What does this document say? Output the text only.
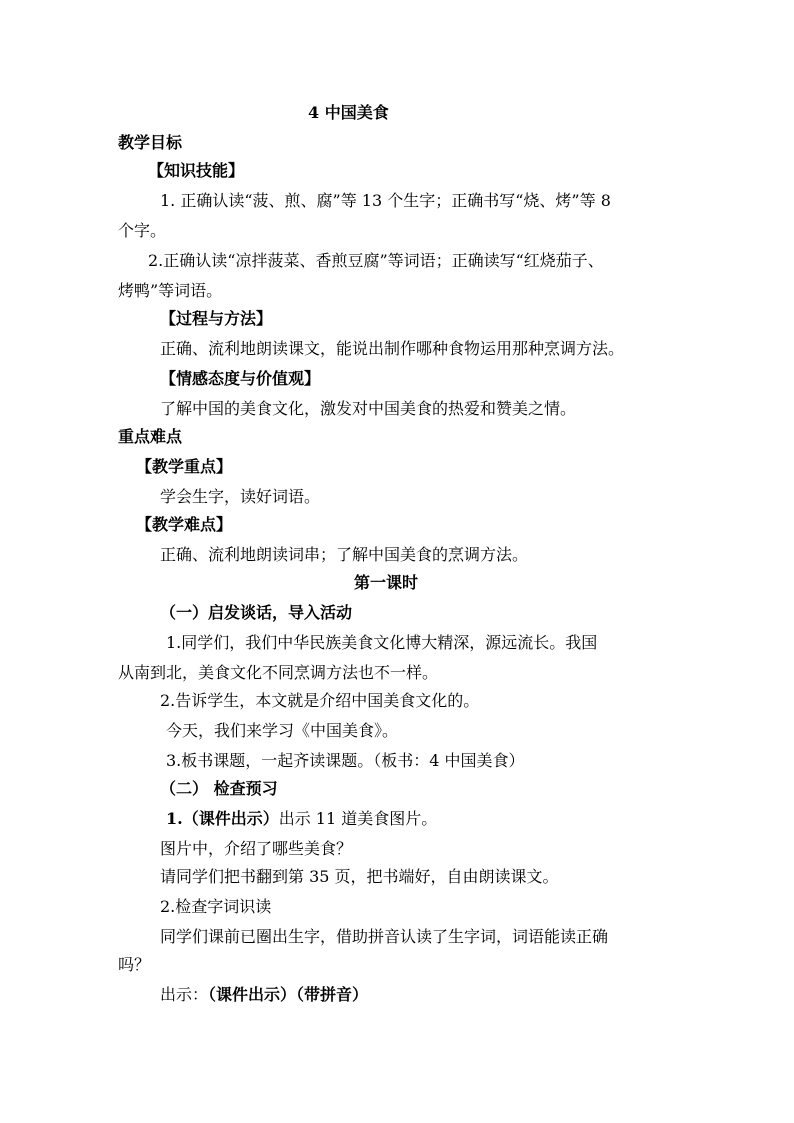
4 中国美食
教学目标
【知识技能】
1. 正确认读“菠、煎、腐”等 13 个生字；正确书写“烧、烤”等 8
个字。
2.正确认读“凉拌菠菜、香煎豆腐”等词语；正确读写“红烧茄子、
烤鸭”等词语。
【过程与方法】
正确、流利地朗读课文，能说出制作哪种食物运用那种烹调方法。
【情感态度与价值观】
了解中国的美食文化，激发对中国美食的热爱和赞美之情。
重点难点
【教学重点】
学会生字，读好词语。
【教学难点】
正确、流利地朗读词串；了解中国美食的烹调方法。
第一课时
（一）启发谈话，导入活动
1.同学们，我们中华民族美食文化博大精深，源远流长。我国
从南到北，美食文化不同烹调方法也不一样。
2.告诉学生，本文就是介绍中国美食文化的。
今天，我们来学习《中国美食》。
3.板书课题，一起齐读课题。（板书：4 中国美食）
（二） 检查预习
1.（课件出示）出示 11 道美食图片。
图片中，介绍了哪些美食？
请同学们把书翻到第 35 页，把书端好，自由朗读课文。
2.检查字词识读
同学们课前已圈出生字，借助拼音认读了生字词，词语能读正确
吗？
出示：（课件出示）（带拼音）
